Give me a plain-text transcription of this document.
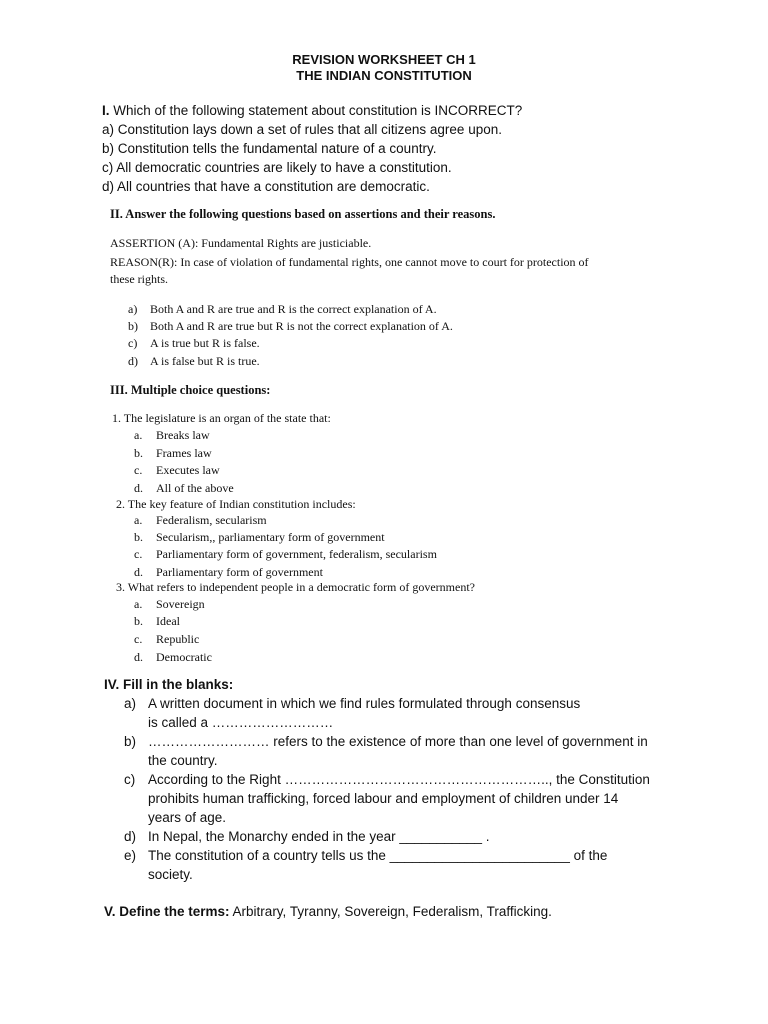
REVISION WORKSHEET CH 1
THE INDIAN CONSTITUTION
I. Which of the following statement about constitution is INCORRECT?
a) Constitution lays down a set of rules that all citizens agree upon.
b) Constitution tells the fundamental nature of a country.
c) All democratic countries are likely to have a constitution.
d) All countries that have a constitution are democratic.
II. Answer the following questions based on assertions and their reasons.
ASSERTION (A): Fundamental Rights are justiciable.
REASON(R): In case of violation of fundamental rights, one cannot move to court for protection of
these rights.
a) Both A and R are true and R is the correct explanation of A.
b) Both A and R are true but R is not the correct explanation of A.
c) A is true but R is false.
d) A is false but R is true.
III. Multiple choice questions:
1. The legislature is an organ of the state that:
a. Breaks law
b. Frames law
c. Executes law
d. All of the above
2. The key feature of Indian constitution includes:
a. Federalism, secularism
b. Secularism,, parliamentary form of government
c. Parliamentary form of government, federalism, secularism
d. Parliamentary form of government
3. What refers to independent people in a democratic form of government?
a. Sovereign
b. Ideal
c. Republic
d. Democratic
IV. Fill in the blanks:
a) A written document in which we find rules formulated through consensus
is called a ………………………
b) ……………………… refers to the existence of more than one level of government in
the country.
c) According to the Right ………………………………………………….., the Constitution
prohibits human trafficking, forced labour and employment of children under 14
years of age.
d) In Nepal, the Monarchy ended in the year ___________ .
e) The constitution of a country tells us the ________________________ of the
society.
V. Define the terms: Arbitrary, Tyranny, Sovereign, Federalism, Trafficking.
